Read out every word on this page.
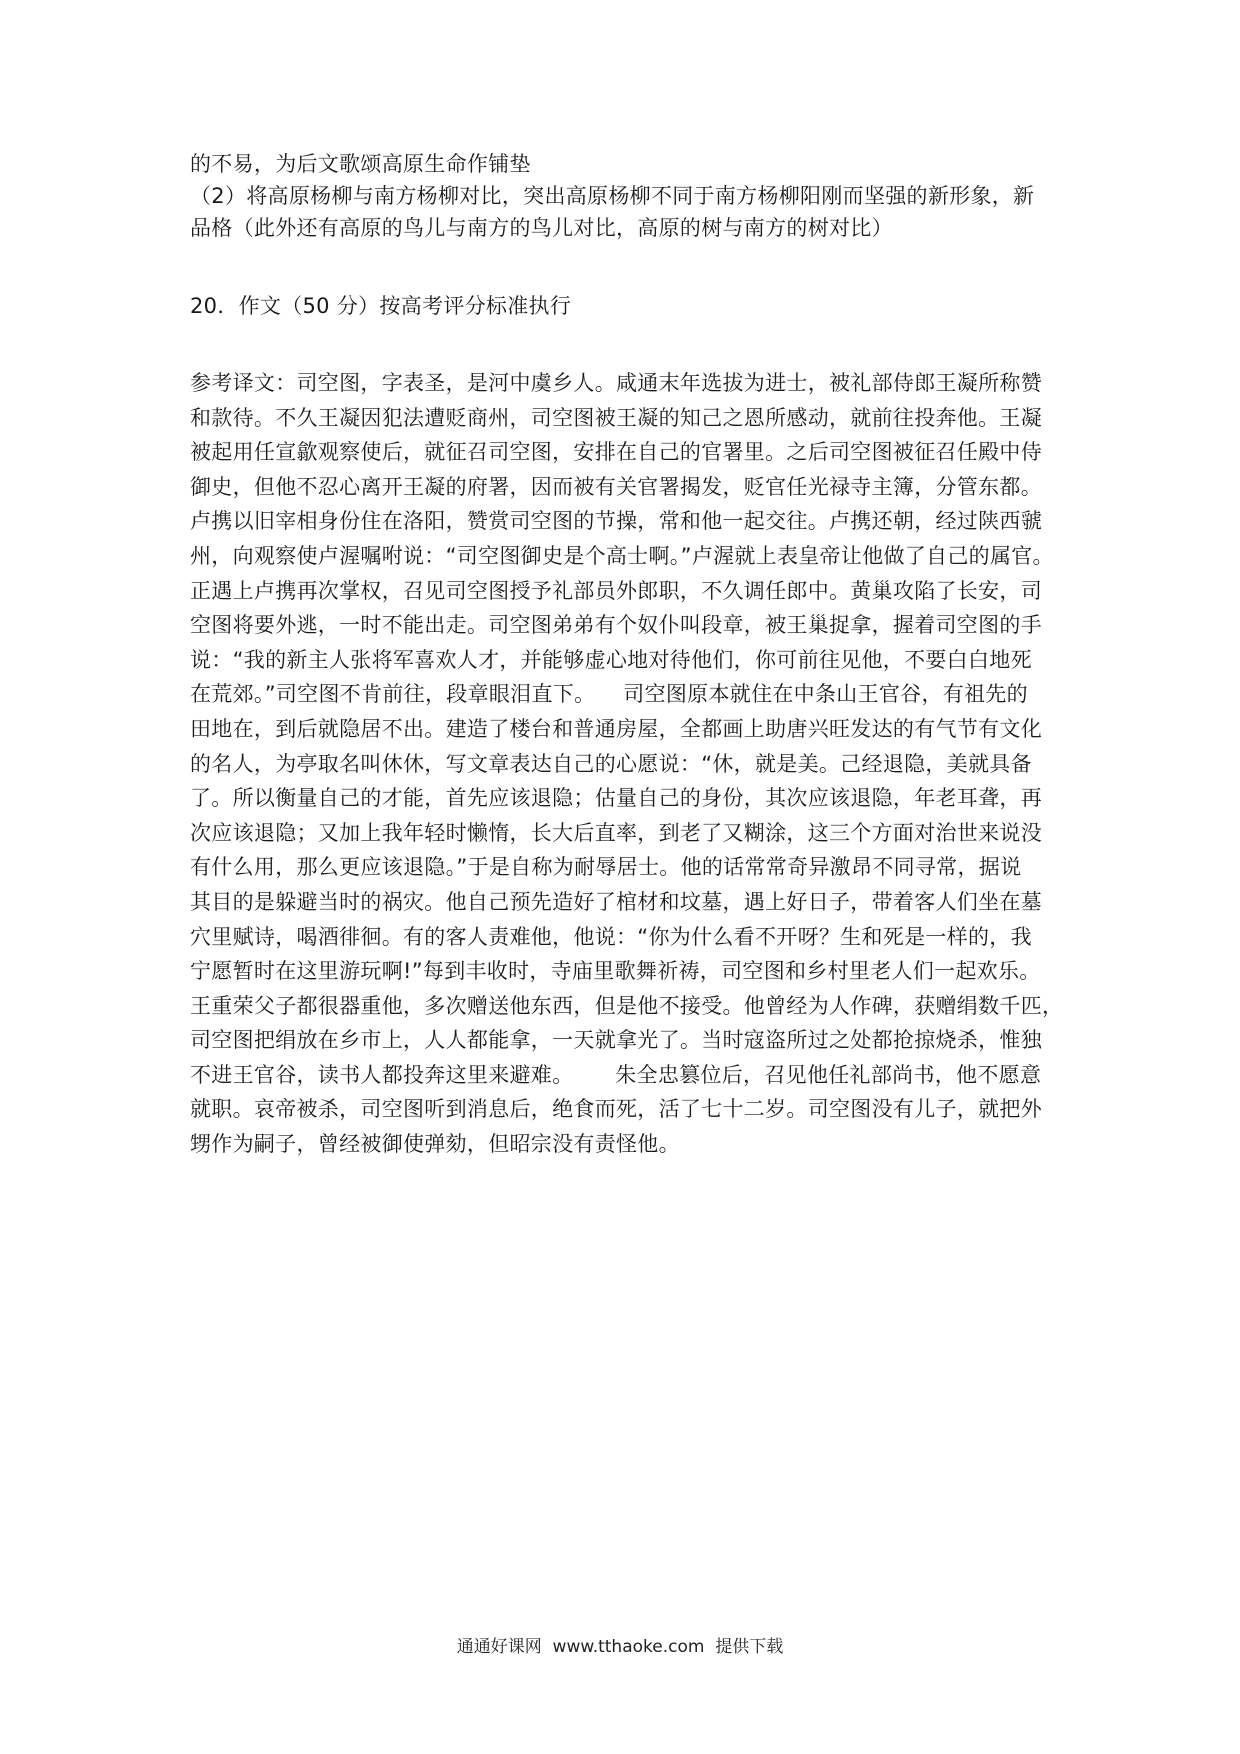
的不易，为后文歌颂高原生命作铺垫
（2）将高原杨柳与南方杨柳对比，突出高原杨柳不同于南方杨柳阳刚而坚强的新形象，新
品格（此外还有高原的鸟儿与南方的鸟儿对比，高原的树与南方的树对比）
20．作文（50 分）按高考评分标准执行
参考译文：司空图，字表圣，是河中虞乡人。咸通末年选拔为进士，被礼部侍郎王凝所称赞
和款待。不久王凝因犯法遭贬商州，司空图被王凝的知己之恩所感动，就前往投奔他。王凝
被起用任宣歙观察使后，就征召司空图，安排在自己的官署里。之后司空图被征召任殿中侍
御史，但他不忍心离开王凝的府署，因而被有关官署揭发，贬官任光禄寺主簿，分管东都。
卢携以旧宰相身份住在洛阳，赞赏司空图的节操，常和他一起交往。卢携还朝，经过陕西虢
州，向观察使卢渥嘱咐说：“司空图御史是个高士啊。”卢渥就上表皇帝让他做了自己的属官。
正遇上卢携再次掌权，召见司空图授予礼部员外郎职，不久调任郎中。黄巢攻陷了长安，司
空图将要外逃，一时不能出走。司空图弟弟有个奴仆叫段章，被王巢捉拿，握着司空图的手
说：“我的新主人张将军喜欢人才，并能够虚心地对待他们，你可前往见他，不要白白地死
在荒郊。”司空图不肯前往，段章眼泪直下。    司空图原本就住在中条山王官谷，有祖先的
田地在，到后就隐居不出。建造了楼台和普通房屋，全都画上助唐兴旺发达的有气节有文化
的名人，为亭取名叫休休，写文章表达自己的心愿说：“休，就是美。己经退隐，美就具备
了。所以衡量自己的才能，首先应该退隐；估量自己的身份，其次应该退隐，年老耳聋，再
次应该退隐；又加上我年轻时懒惰，长大后直率，到老了又糊涂，这三个方面对治世来说没
有什么用，那么更应该退隐。”于是自称为耐辱居士。他的话常常奇异激昂不同寻常，据说
其目的是躲避当时的祸灾。他自己预先造好了棺材和坟墓，遇上好日子，带着客人们坐在墓
穴里赋诗，喝酒徘徊。有的客人责难他，他说：“你为什么看不开呀？生和死是一样的，我
宁愿暂时在这里游玩啊!”每到丰收时，寺庙里歌舞祈祷，司空图和乡村里老人们一起欢乐。
王重荣父子都很器重他，多次赠送他东西，但是他不接受。他曾经为人作碑，获赠绢数千匹，
司空图把绢放在乡市上，人人都能拿，一天就拿光了。当时寇盗所过之处都抢掠烧杀，惟独
不进王官谷，读书人都投奔这里来避难。      朱全忠篡位后，召见他任礼部尚书，他不愿意
就职。哀帝被杀，司空图听到消息后，绝食而死，活了七十二岁。司空图没有儿子，就把外
甥作为嗣子，曾经被御使弹劾，但昭宗没有责怪他。
通通好课网  www.tthaoke.com  提供下载
